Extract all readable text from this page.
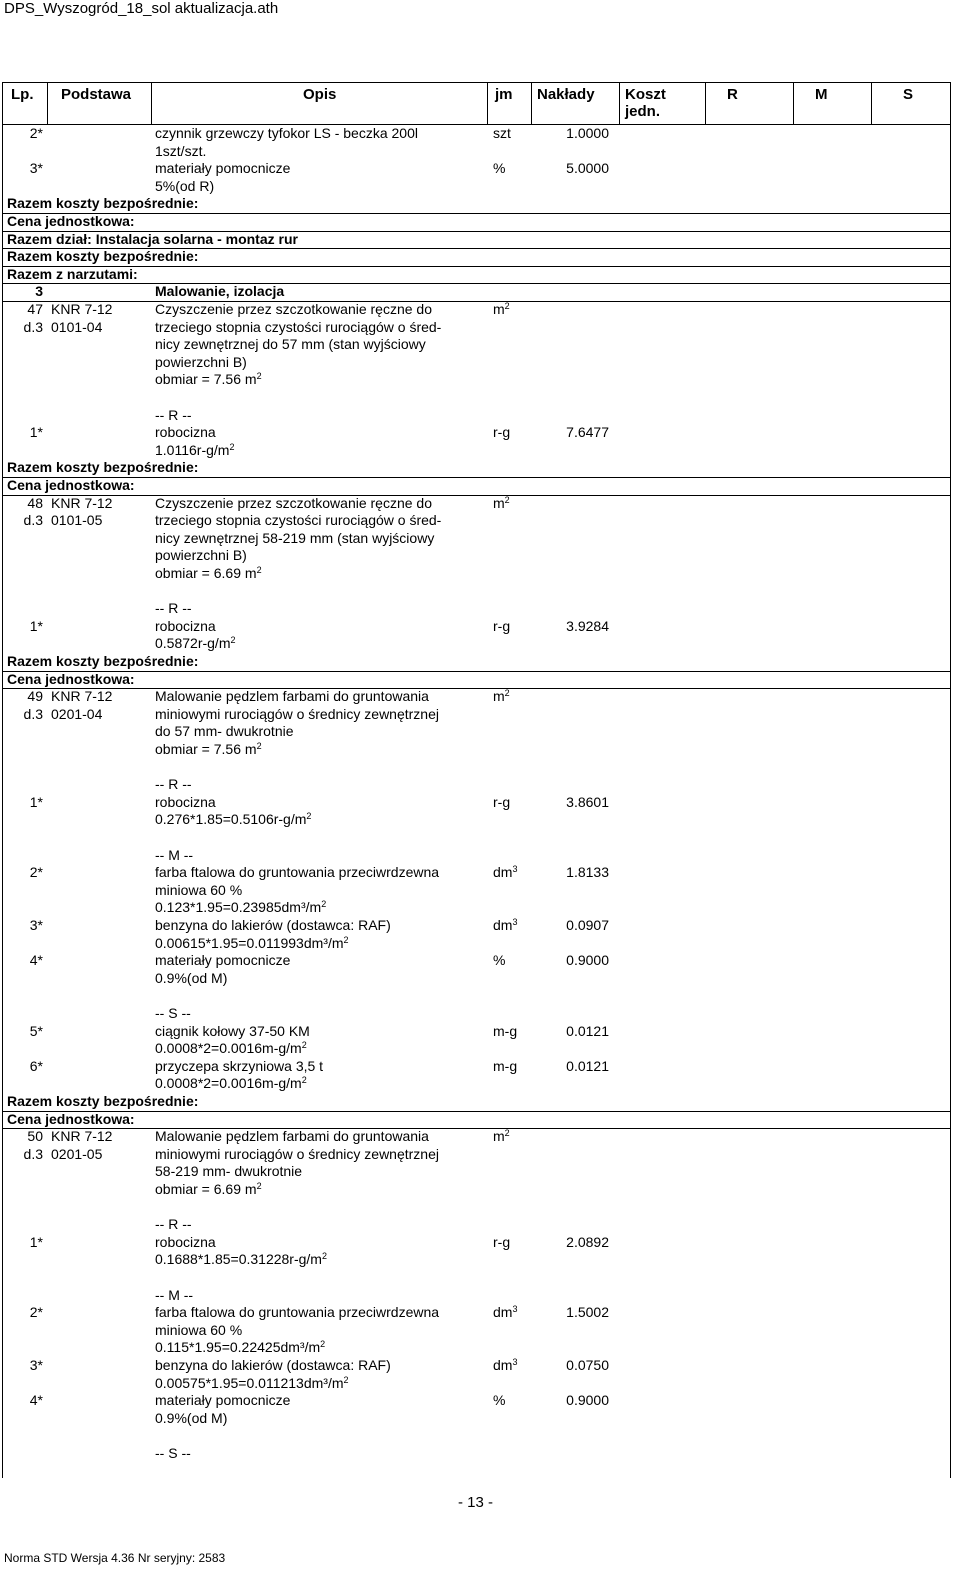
DPS_Wyszogród_18_sol aktualizacja.ath
Lp. Podstawa	Opis	jm Nakłady Koszt
jedn.
R	M	S
2*	czynnik grzewczy tyfokor LS - beczka 200l	szt	1.0000
1szt/szt.
3*	materiały pomocnicze	%	5.0000
5%(od R)
Razem koszty bezpośrednie:
Cena jednostkowa:
Razem dział: Instalacja solarna - montaz rur
Razem koszty bezpośrednie:
Razem z narzutami:
3	Malowanie, izolacja
47 KNR 7-12	Czyszczenie przez szczotkowanie ręczne do	$m^2$
d.3 0101-04	trzeciego stopnia czystości rurociągów o śred-
nicy zewnętrznej do 57 mm (stan wyjściowy
powierzchni B)
obmiar = 7.56 $m^2$
-- R --
1*	robocizna	r-g	7.6477
$1.0116r-g/m^2$
Razem koszty bezpośrednie:
Cena jednostkowa:
48 KNR 7-12	Czyszczenie przez szczotkowanie ręczne do	$m^2$
d.3 0101-05	trzeciego stopnia czystości rurociągów o śred-
nicy zewnętrznej 58-219 mm (stan wyjściowy
powierzchni B)
obmiar = 6.69 $m^2$
-- R --
1*	robocizna	r-g	3.9284
$0.5872r-g/m^2$
Razem koszty bezpośrednie:
Cena jednostkowa:
49 KNR 7-12	Malowanie pędzlem farbami do gruntowania	$m^2$
d.3 0201-04	miniowymi rurociągów o średnicy zewnętrznej
do 57 mm- dwukrotnie
obmiar = 7.56 $m^2$
-- R --
1*	robocizna	r-g	3.8601
$0.276*1.85=0.5106r-g/m^2$
-- M --
2*	farba ftalowa do gruntowania przeciwrdzewna	$dm^3$	1.8133
miniowa 60 %
$0.123*1.95=0.23985dm^3/m^2$
3*	benzyna do lakierów (dostawca: RAF)	$dm^3$	0.0907
$0.00615*1.95=0.011993dm^3/m^2$
4*	materiały pomocnicze	%	0.9000
0.9%(od M)
-- S --
5*	ciągnik kołowy 37-50 KM	m-g	0.0121
$0.0008*2=0.0016m-g/m^2$
6*	przyczepa skrzyniowa 3,5 t	m-g	0.0121
$0.0008*2=0.0016m-g/m^2$
Razem koszty bezpośrednie:
Cena jednostkowa:
50 KNR 7-12	Malowanie pędzlem farbami do gruntowania	$m^2$
d.3 0201-05	miniowymi rurociągów o średnicy zewnętrznej
58-219 mm- dwukrotnie
obmiar = 6.69 $m^2$
-- R --
1*	robocizna	r-g	2.0892
$0.1688*1.85=0.31228r-g/m^2$
-- M --
2*	farba ftalowa do gruntowania przeciwrdzewna	$dm^3$	1.5002
miniowa 60 %
$0.115*1.95=0.22425dm^3/m^2$
3*	benzyna do lakierów (dostawca: RAF)	$dm^3$	0.0750
$0.00575*1.95=0.011213dm^3/m^2$
4*	materiały pomocnicze	%	0.9000
0.9%(od M)
-- S --
- 13 -
Norma STD Wersja 4.36 Nr seryjny: 2583
